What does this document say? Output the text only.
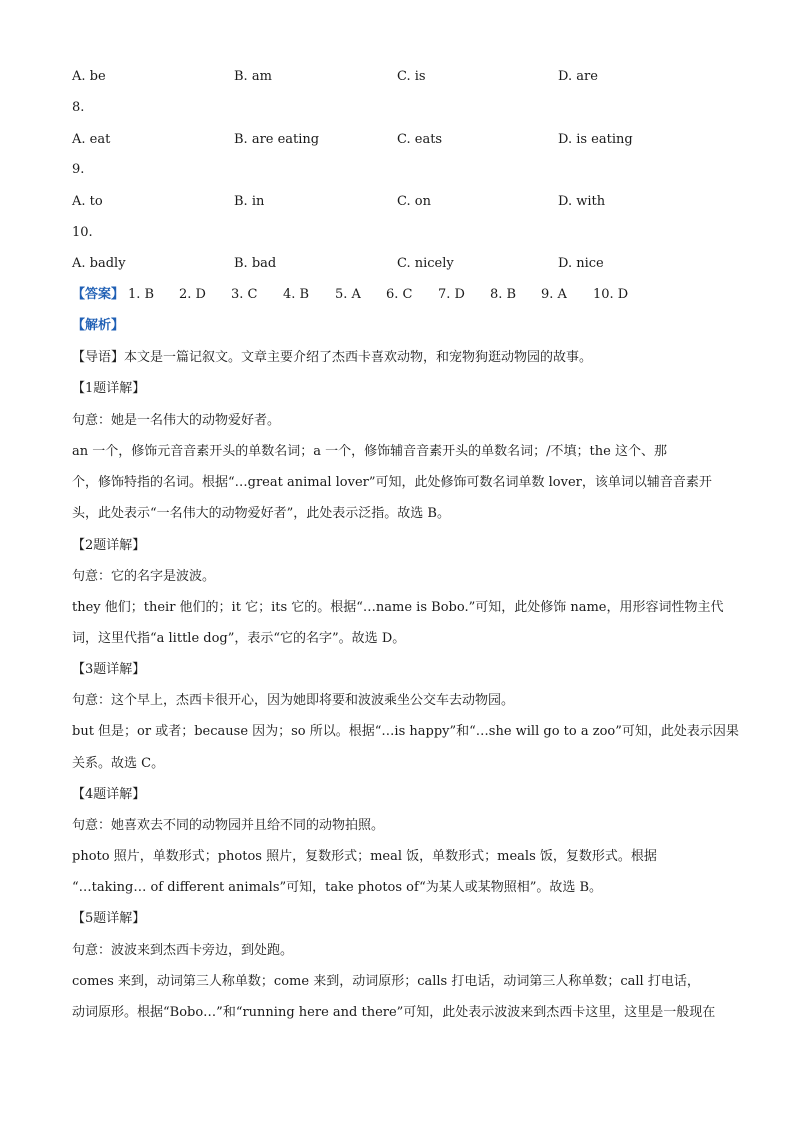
A. be	B. am	C. is	D. are
8.
A. eat	B. are eating	C. eats	D. is eating
9.
A. to	B. in	C. on	D. with
10.
A. badly	B. bad	C. nicely	D. nice
【答案】 1. B 2. D 3. C 4. B 5. A 6. C 7. D 8. B 9. A 10. D
【解析】
【导语】本文是一篇记叙文。文章主要介绍了杰西卡喜欢动物，和宠物狗逛动物园的故事。
【1题详解】
句意：她是一名伟大的动物爱好者。
an 一个，修饰元音音素开头的单数名词；a 一个，修饰辅音音素开头的单数名词；/不填；the 这个、那
个，修饰特指的名词。根据“…great animal lover”可知，此处修饰可数名词单数 lover，该单词以辅音音素开
头，此处表示“一名伟大的动物爱好者”，此处表示泛指。故选 B。
【2题详解】
句意：它的名字是波波。
they 他们；their 他们的；it 它；its 它的。根据“…name is Bobo.”可知，此处修饰 name，用形容词性物主代
词，这里代指“a little dog”，表示“它的名字”。故选 D。
【3题详解】
句意：这个早上，杰西卡很开心，因为她即将要和波波乘坐公交车去动物园。
but 但是；or 或者；because 因为；so 所以。根据“…is happy”和“…she will go to a zoo”可知，此处表示因果
关系。故选 C。
【4题详解】
句意：她喜欢去不同的动物园并且给不同的动物拍照。
photo 照片，单数形式；photos 照片，复数形式；meal 饭，单数形式；meals 饭，复数形式。根据
“…taking… of different animals”可知，take photos of“为某人或某物照相”。故选 B。
【5题详解】
句意：波波来到杰西卡旁边，到处跑。
comes 来到，动词第三人称单数；come 来到，动词原形；calls 打电话，动词第三人称单数；call 打电话，
动词原形。根据“Bobo…”和“running here and there”可知，此处表示波波来到杰西卡这里，这里是一般现在
